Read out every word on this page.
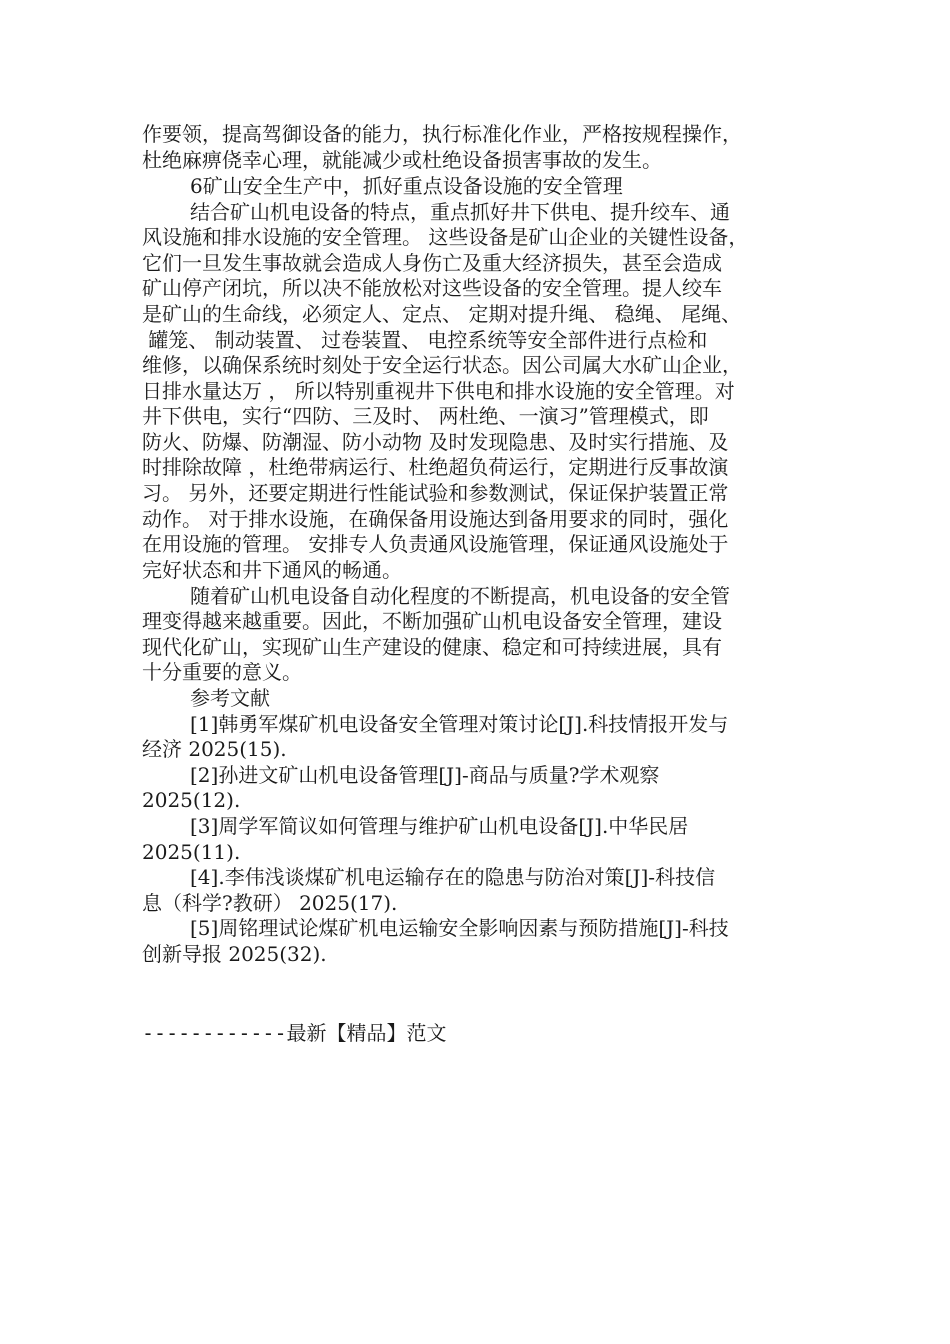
作要领，提高驾御设备的能力，执行标准化作业，严格按规程操作，
杜绝麻痹侥幸心理，就能减少或杜绝设备损害事故的发生。
6矿山安全生产中，抓好重点设备设施的安全管理
结合矿山机电设备的特点，重点抓好井下供电、提升绞车、通
风设施和排水设施的安全管理。 这些设备是矿山企业的关键性设备，
它们一旦发生事故就会造成人身伤亡及重大经济损失，甚至会造成
矿山停产闭坑，所以决不能放松对这些设备的安全管理。提人绞车
是矿山的生命线，必须定人、定点、 定期对提升绳、 稳绳、 尾绳、
罐笼、 制动装置、 过卷装置、 电控系统等安全部件进行点检和
维修，以确保系统时刻处于安全运行状态。因公司属大水矿山企业，
日排水量达万 ， 所以特别重视井下供电和排水设施的安全管理。对
井下供电，实行“四防、三及时、 两杜绝、一演习”管理模式，即
防火、防爆、防潮湿、防小动物 及时发现隐患、及时实行措施、及
时排除故障 ，杜绝带病运行、杜绝超负荷运行，定期进行反事故演
习。 另外，还要定期进行性能试验和参数测试，保证保护装置正常
动作。 对于排水设施，在确保备用设施达到备用要求的同时，强化
在用设施的管理。 安排专人负责通风设施管理，保证通风设施处于
完好状态和井下通风的畅通。
随着矿山机电设备自动化程度的不断提高，机电设备的安全管
理变得越来越重要。因此，不断加强矿山机电设备安全管理，建设
现代化矿山，实现矿山生产建设的健康、稳定和可持续进展，具有
十分重要的意义。
参考文献
[1]韩勇军煤矿机电设备安全管理对策讨论[J].科技情报开发与
经济 2025(15).
[2]孙进文矿山机电设备管理[J]-商品与质量?学术观察
2025(12).
[3]周学军简议如何管理与维护矿山机电设备[J].中华民居
2025(11).
[4].李伟浅谈煤矿机电运输存在的隐患与防治对策[J]-科技信
息（科学?教研） 2025(17).
[5]周铭理试论煤矿机电运输安全影响因素与预防措施[J]-科技
创新导报 2025(32).
------------最新【精品】范文
